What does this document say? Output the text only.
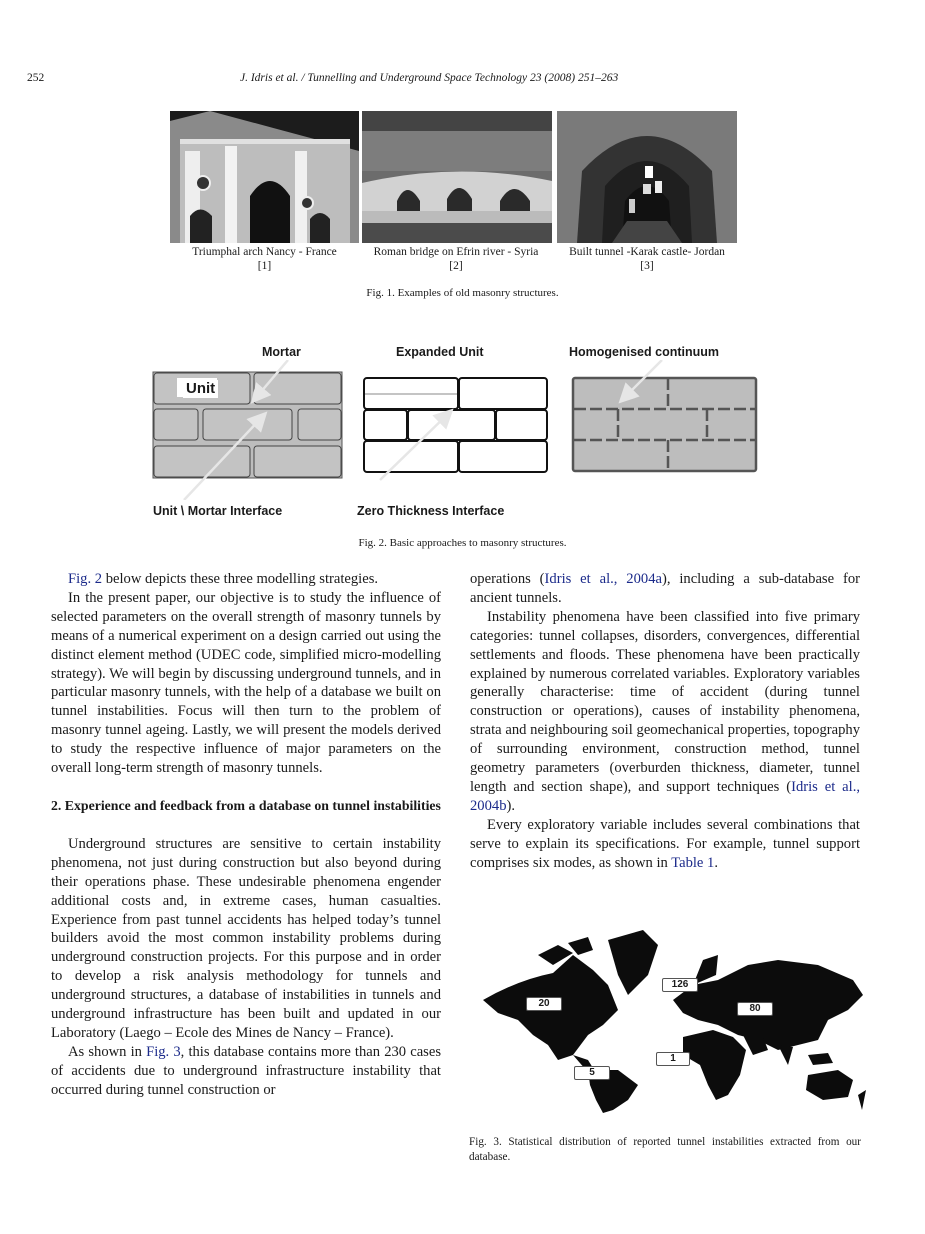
252	J. Idris et al. / Tunnelling and Underground Space Technology 23 (2008) 251–263
Triumphal arch Nancy - France
[1]
Roman bridge on Efrin river - Syria
[2]
Built tunnel -Karak castle- Jordan
[3]
Fig. 1. Examples of old masonry structures.
Mortar	Expanded Unit	Homogenised continuum
Unit
Unit \ Mortar Interface	Zero Thickness Interface
Fig. 2. Basic approaches to masonry structures.

Fig. 2 below depicts these three modelling strategies.

In the present paper, our objective is to study the influence of selected parameters on the overall strength of masonry tunnels by means of a numerical experiment on a design carried out using the distinct element method (UDEC code, simplified micro-modelling strategy). We will begin by discussing underground tunnels, and in particular masonry tunnels, with the help of a database we built on tunnel instabilities. Focus will then turn to the problem of masonry tunnel ageing. Lastly, we will present the models derived to study the respective influence of major parameters on the overall long-term strength of masonry tunnels.

2. Experience and feedback from a database on tunnel instabilities

Underground structures are sensitive to certain instability phenomena, not just during construction but also beyond during their operations phase. These undesirable phenomena engender additional costs and, in extreme cases, human casualties. Experience from past tunnel accidents has helped today’s tunnel builders avoid the most common instability problems during underground construction projects. For this purpose and in order to develop a risk analysis methodology for tunnels and underground structures, a database of instabilities in tunnels and underground infrastructure has been built and updated in our Laboratory (Laego – Ecole des Mines de Nancy – France).

As shown in Fig. 3, this database contains more than 230 cases of accidents due to underground infrastructure instability that occurred during tunnel construction or

operations (Idris et al., 2004a), including a sub-database for ancient tunnels.

Instability phenomena have been classified into five primary categories: tunnel collapses, disorders, convergences, differential settlements and floods. These phenomena have been practically explained by numerous correlated variables. Exploratory variables generally characterise: time of accident (during tunnel construction or operations), causes of instability phenomena, strata and neighbouring soil geomechanical properties, topography of surrounding environment, construction method, tunnel geometry parameters (overburden thickness, diameter, tunnel length and section shape), and support techniques (Idris et al., 2004b).

Every exploratory variable includes several combinations that serve to explain its specifications. For example, tunnel support comprises six modes, as shown in Table 1.

20
126
80
1
5
Fig. 3. Statistical distribution of reported tunnel instabilities extracted from our database.
